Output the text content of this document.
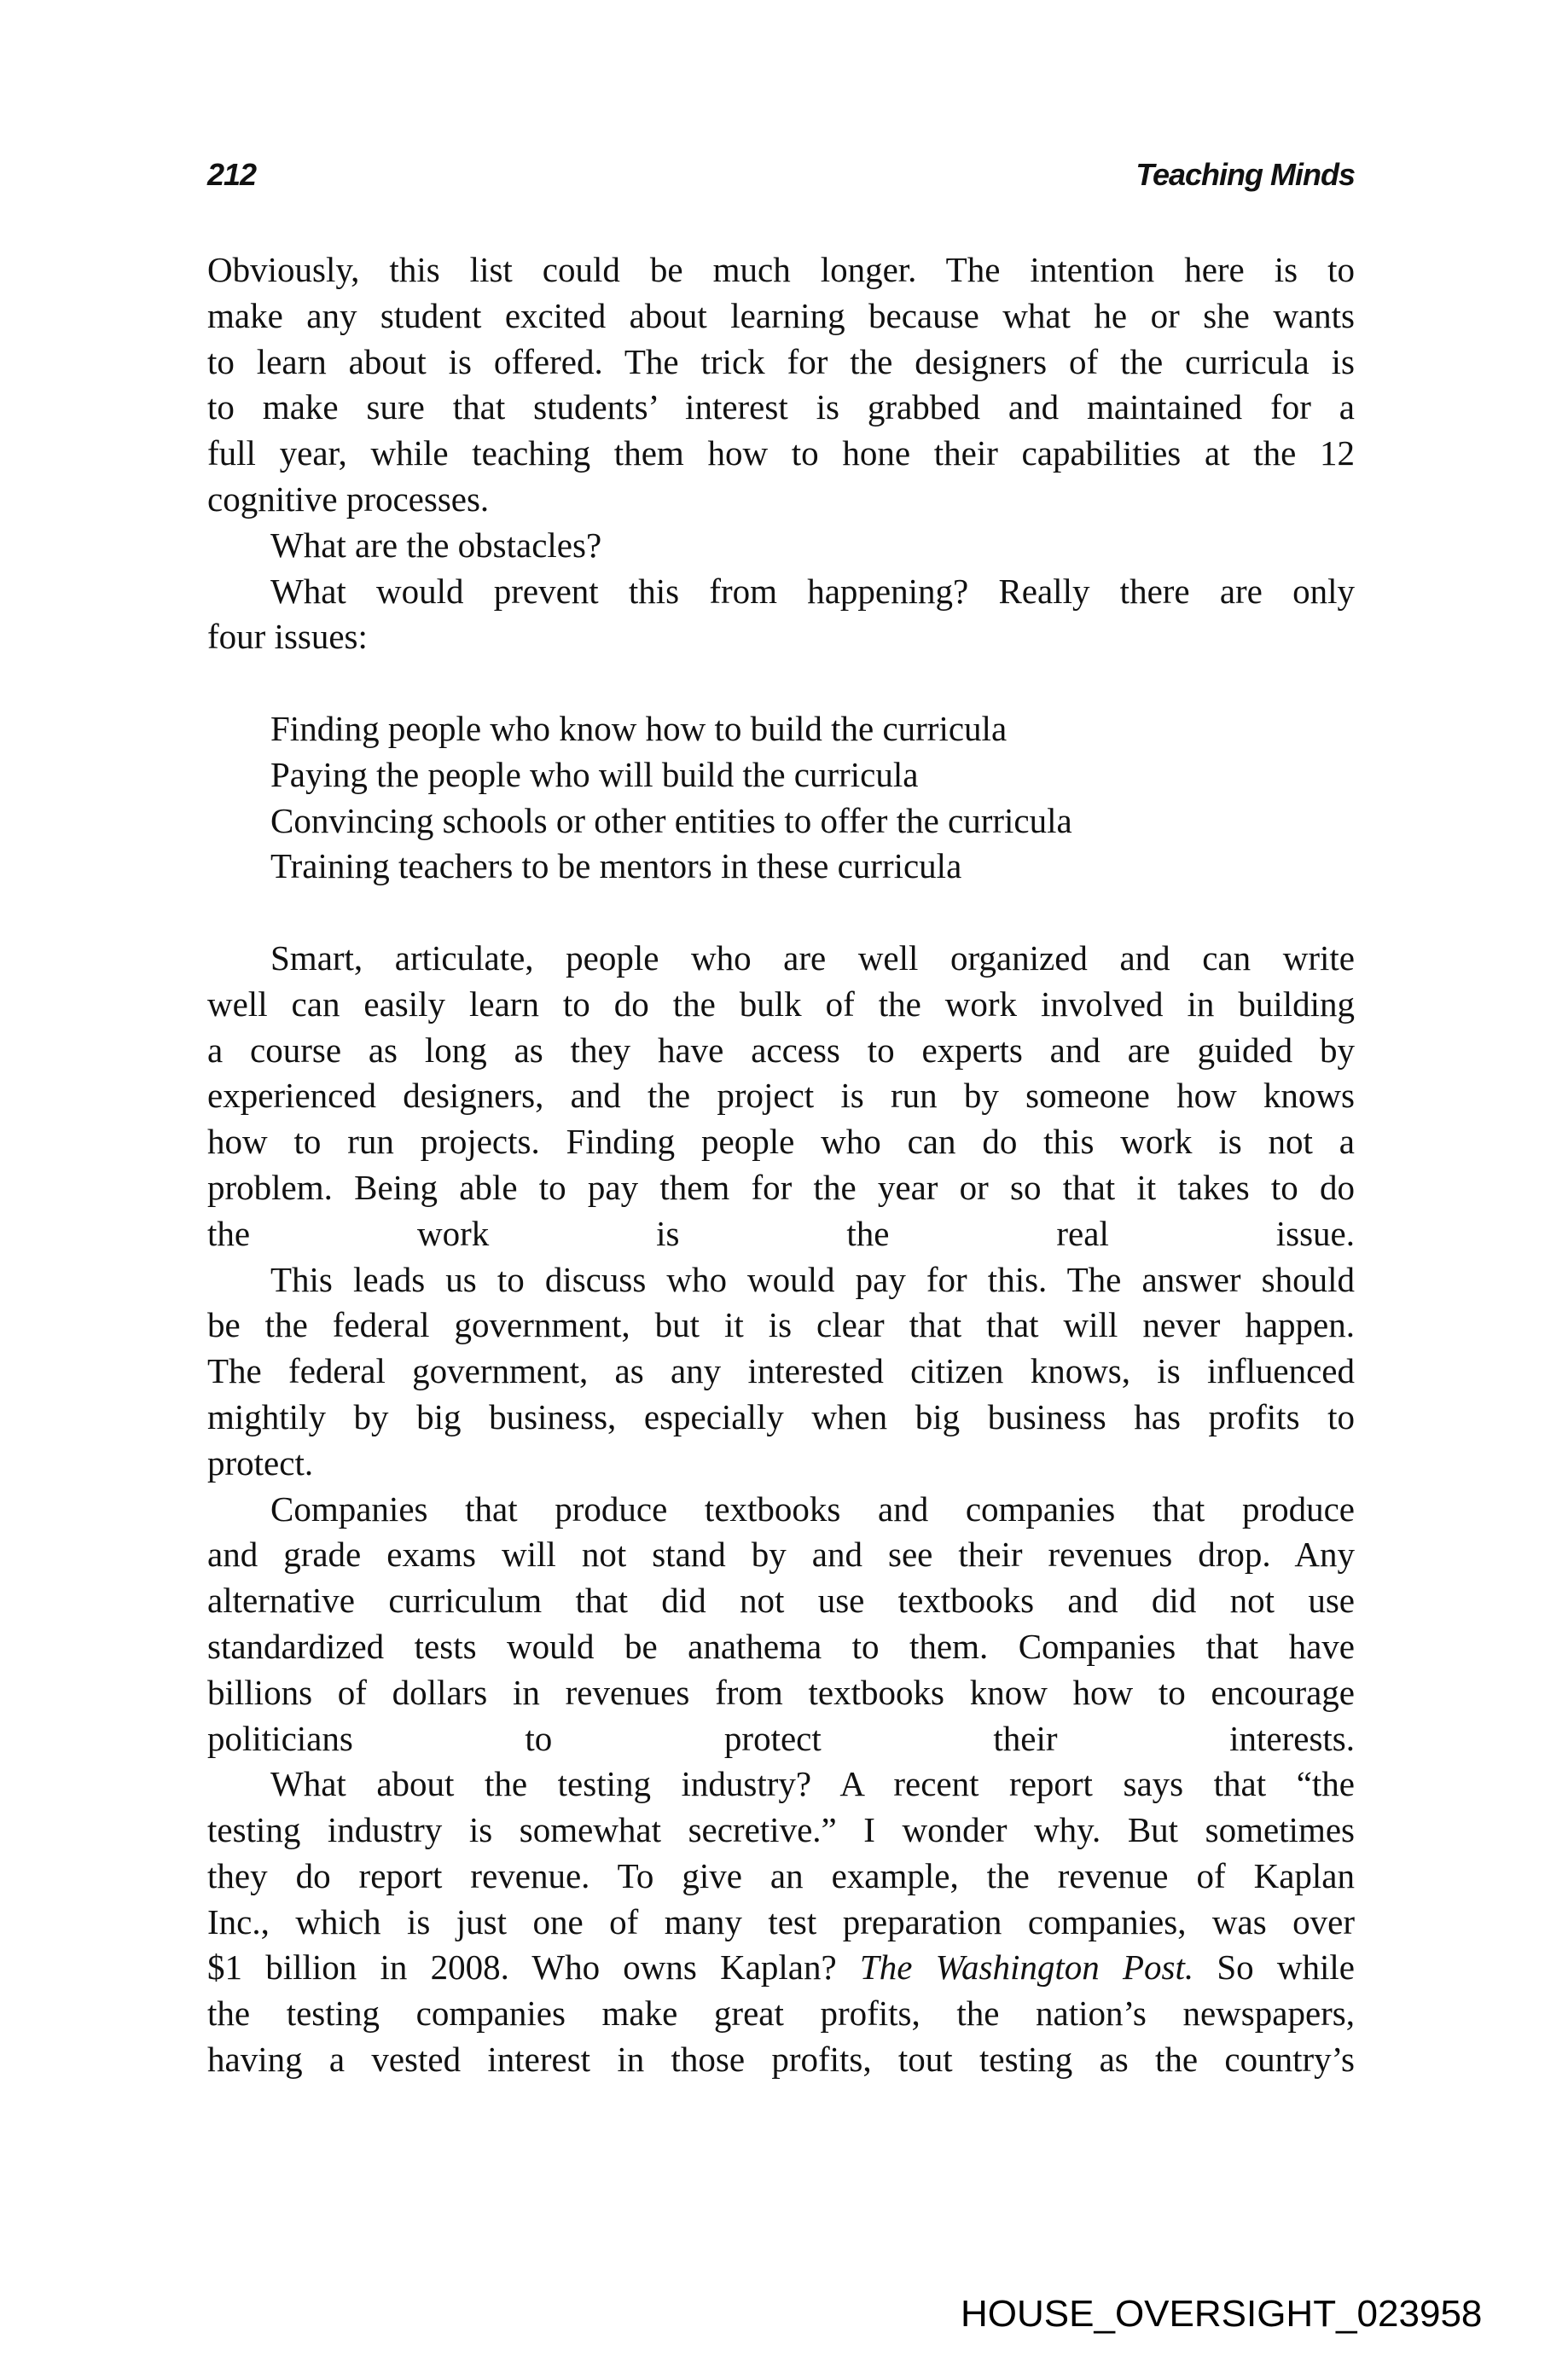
212	Teaching Minds
Obviously, this list could be much longer. The intention here is to
make any student excited about learning because what he or she wants
to learn about is offered. The trick for the designers of the curricula is
to make sure that students’ interest is grabbed and maintained for a
full year, while teaching them how to hone their capabilities at the 12
cognitive processes.
What are the obstacles?
What would prevent this from happening? Really there are only
four issues:
Finding people who know how to build the curricula
Paying the people who will build the curricula
Convincing schools or other entities to offer the curricula
Training teachers to be mentors in these curricula
Smart, articulate, people who are well organized and can write
well can easily learn to do the bulk of the work involved in building
a course as long as they have access to experts and are guided by
experienced designers, and the project is run by someone how knows
how to run projects. Finding people who can do this work is not a
problem. Being able to pay them for the year or so that it takes to do
the work is the real issue.
This leads us to discuss who would pay for this. The answer should
be the federal government, but it is clear that that will never happen.
The federal government, as any interested citizen knows, is influenced
mightily by big business, especially when big business has profits to
protect.
Companies that produce textbooks and companies that produce
and grade exams will not stand by and see their revenues drop. Any
alternative curriculum that did not use textbooks and did not use
standardized tests would be anathema to them. Companies that have
billions of dollars in revenues from textbooks know how to encourage
politicians to protect their interests.
What about the testing industry? A recent report says that “the
testing industry is somewhat secretive.” I wonder why. But sometimes
they do report revenue. To give an example, the revenue of Kaplan
Inc., which is just one of many test preparation companies, was over
$1 billion in 2008. Who owns Kaplan? The Washington Post. So while
the testing companies make great profits, the nation’s newspapers,
having a vested interest in those profits, tout testing as the country’s
HOUSE_OVERSIGHT_023958
